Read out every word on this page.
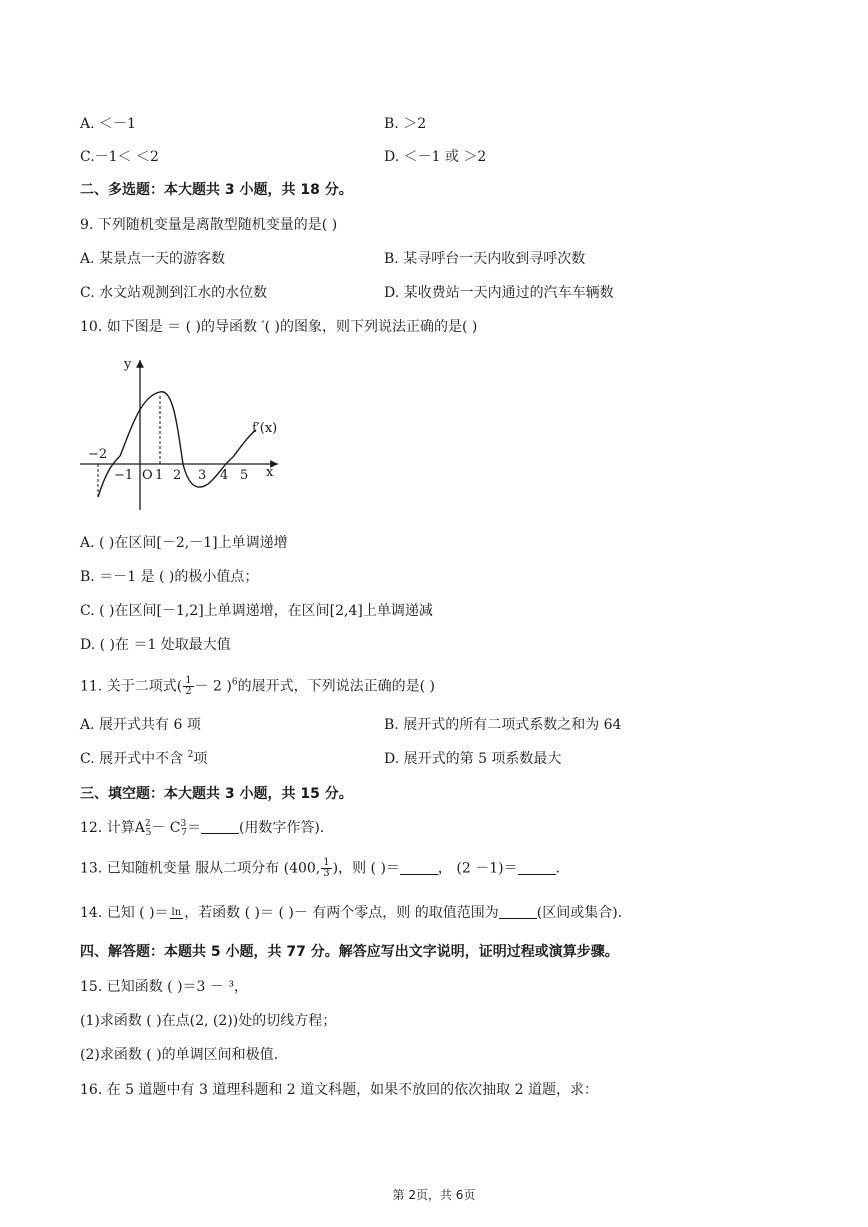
A. ＜－1	B. ＞2
C.－1＜ ＜2	D. ＜－1 或 ＞2
二、多选题：本大题共 3 小题，共 18 分。
9. 下列随机变量是离散型随机变量的是( )
A. 某景点一天的游客数	B. 某寻呼台一天内收到寻呼次数
C. 水文站观测到江水的水位数	D. 某收费站一天内通过的汽车车辆数
10. 如下图是 ＝ ( )的导函数 ′( )的图象，则下列说法正确的是( )
y
x
f′(x)
−2
−1 O 1 2 3 4 5
A. ( )在区间[－2,－1]上单调递增
B. ＝－1 是 ( )的极小值点；
C. ( )在区间[－1,2]上单调递增，在区间[2,4]上单调递减
D. ( )在 ＝1 处取最大值
11. 关于二项式( $\frac{1}{2} - 2$ )$^6$的展开式，下列说法正确的是( )
A. 展开式共有 6 项	B. 展开式的所有二项式系数之和为 64
C. 展开式中不含 $^2$项	D. 展开式的第 5 项系数最大
三、填空题：本大题共 3 小题，共 15 分。
12. 计算$A^2_5- C^3_7=$	(用数字作答).
13. 已知随机变量 服从二项分布 (400, $\frac{1}{3}$ )，则 ( )＝	， (2 －1)＝	.
14. 已知 ( )＝ ln ，若函数 ( )＝ ( )－ 有两个零点，则 的取值范围为	(区间或集合).
四、解答题：本题共 5 小题，共 77 分。解答应写出文字说明，证明过程或演算步骤。
15. 已知函数 ( )＝3 － ³，
(1)求函数 ( )在点(2, (2))处的切线方程；
(2)求函数 ( )的单调区间和极值.
16. 在 5 道题中有 3 道理科题和 2 道文科题，如果不放回的依次抽取 2 道题，求：
第 2页，共 6页
